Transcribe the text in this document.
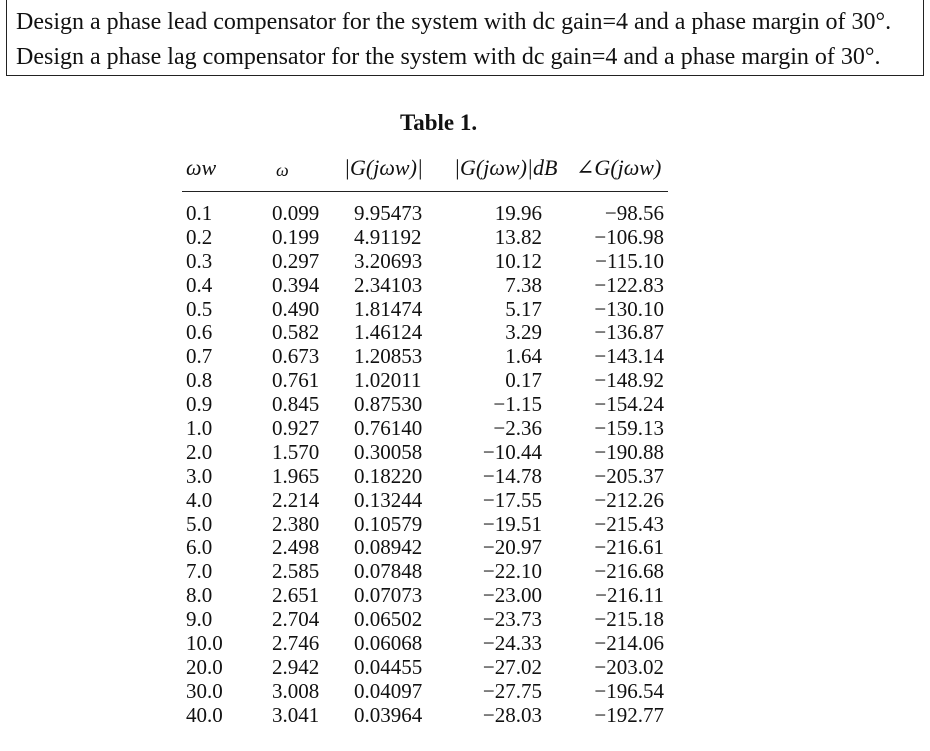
Design a phase lead compensator for the system with dc gain=4 and a phase margin of 30°.
Design a phase lag compensator for the system with dc gain=4 and a phase margin of 30°.
Table 1.
ωw	ω	|G(jωw)| |G(jωw)|dB ∠G(jωw)
0.1	0.099 9.95473	19.96	−98.56
0.2	0.199 4.91192	13.82 −106.98
0.3	0.297 3.20693	10.12	−115.10
0.4	0.394 2.34103	7.38 −122.83
0.5	0.490 1.81474	5.17 −130.10
0.6	0.582 1.46124	3.29 −136.87
0.7	0.673 1.20853	1.64 −143.14
0.8	0.761 1.02011	0.17 −148.92
0.9	0.845 0.87530	−1.15 −154.24
1.0	0.927 0.76140	−2.36 −159.13
2.0	1.570 0.30058	−10.44 −190.88
3.0	1.965 0.18220	−14.78 −205.37
4.0	2.214 0.13244	−17.55 −212.26
5.0	2.380 0.10579	−19.51 −215.43
6.0	2.498 0.08942	−20.97 −216.61
7.0	2.585 0.07848	−22.10 −216.68
8.0	2.651 0.07073	−23.00	−216.11
9.0	2.704 0.06502	−23.73 −215.18
10.0 2.746 0.06068	−24.33 −214.06
20.0 2.942 0.04455	−27.02 −203.02
30.0 3.008 0.04097	−27.75 −196.54
40.0 3.041 0.03964	−28.03 −192.77
